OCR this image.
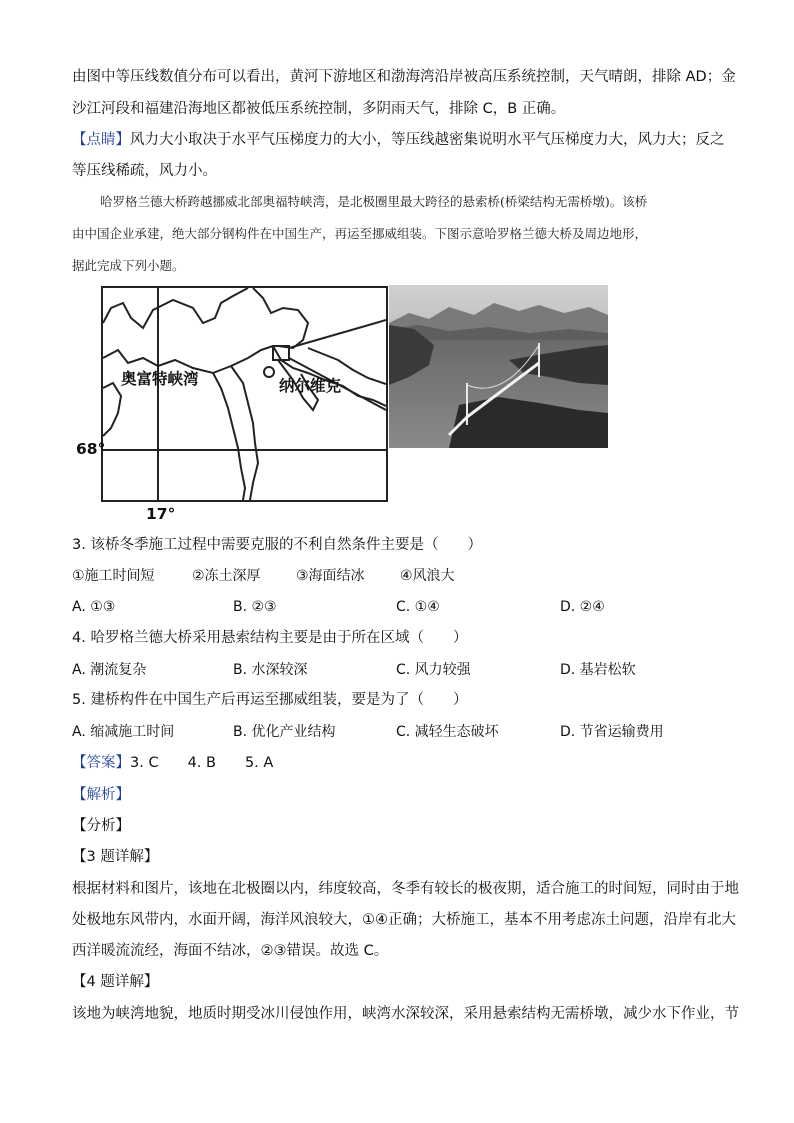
由图中等压线数值分布可以看出，黄河下游地区和渤海湾沿岸被高压系统控制，天气晴朗，排除 AD；金
沙江河段和福建沿海地区都被低压系统控制，多阴雨天气，排除 C，B 正确。
【点睛】风力大小取决于水平气压梯度力的大小，等压线越密集说明水平气压梯度力大，风力大；反之
等压线稀疏，风力小。
哈罗格兰德大桥跨越挪威北部奥福特峡湾，是北极圈里最大跨径的悬索桥(桥梁结构无需桥墩)。该桥
由中国企业承建，绝大部分钢构件在中国生产，再运至挪威组装。下图示意哈罗格兰德大桥及周边地形，
据此完成下列小题。
奥富特峡湾	纳尔维克
68°
17°
3. 该桥冬季施工过程中需要克服的不利自然条件主要是（　　）
①施工时间短	②冻土深厚	③海面结冰	④风浪大
A. ①③	B. ②③	C. ①④	D. ②④
4. 哈罗格兰德大桥采用悬索结构主要是由于所在区域（　　）
A. 潮流复杂	B. 水深较深	C. 风力较强	D. 基岩松软
5. 建桥构件在中国生产后再运至挪威组装，要是为了（　　）
A. 缩减施工时间	B. 优化产业结构	C. 减轻生态破坏	D. 节省运输费用
【答案】3. C　　4. B　　5. A
【解析】
【分析】
【3 题详解】
根据材料和图片，该地在北极圈以内，纬度较高，冬季有较长的极夜期，适合施工的时间短，同时由于地
处极地东风带内，水面开阔，海洋风浪较大，①④正确；大桥施工，基本不用考虑冻土问题，沿岸有北大
西洋暖流流经，海面不结冰，②③错误。故选 C。
【4 题详解】
该地为峡湾地貌，地质时期受冰川侵蚀作用，峡湾水深较深，采用悬索结构无需桥墩，减少水下作业，节
